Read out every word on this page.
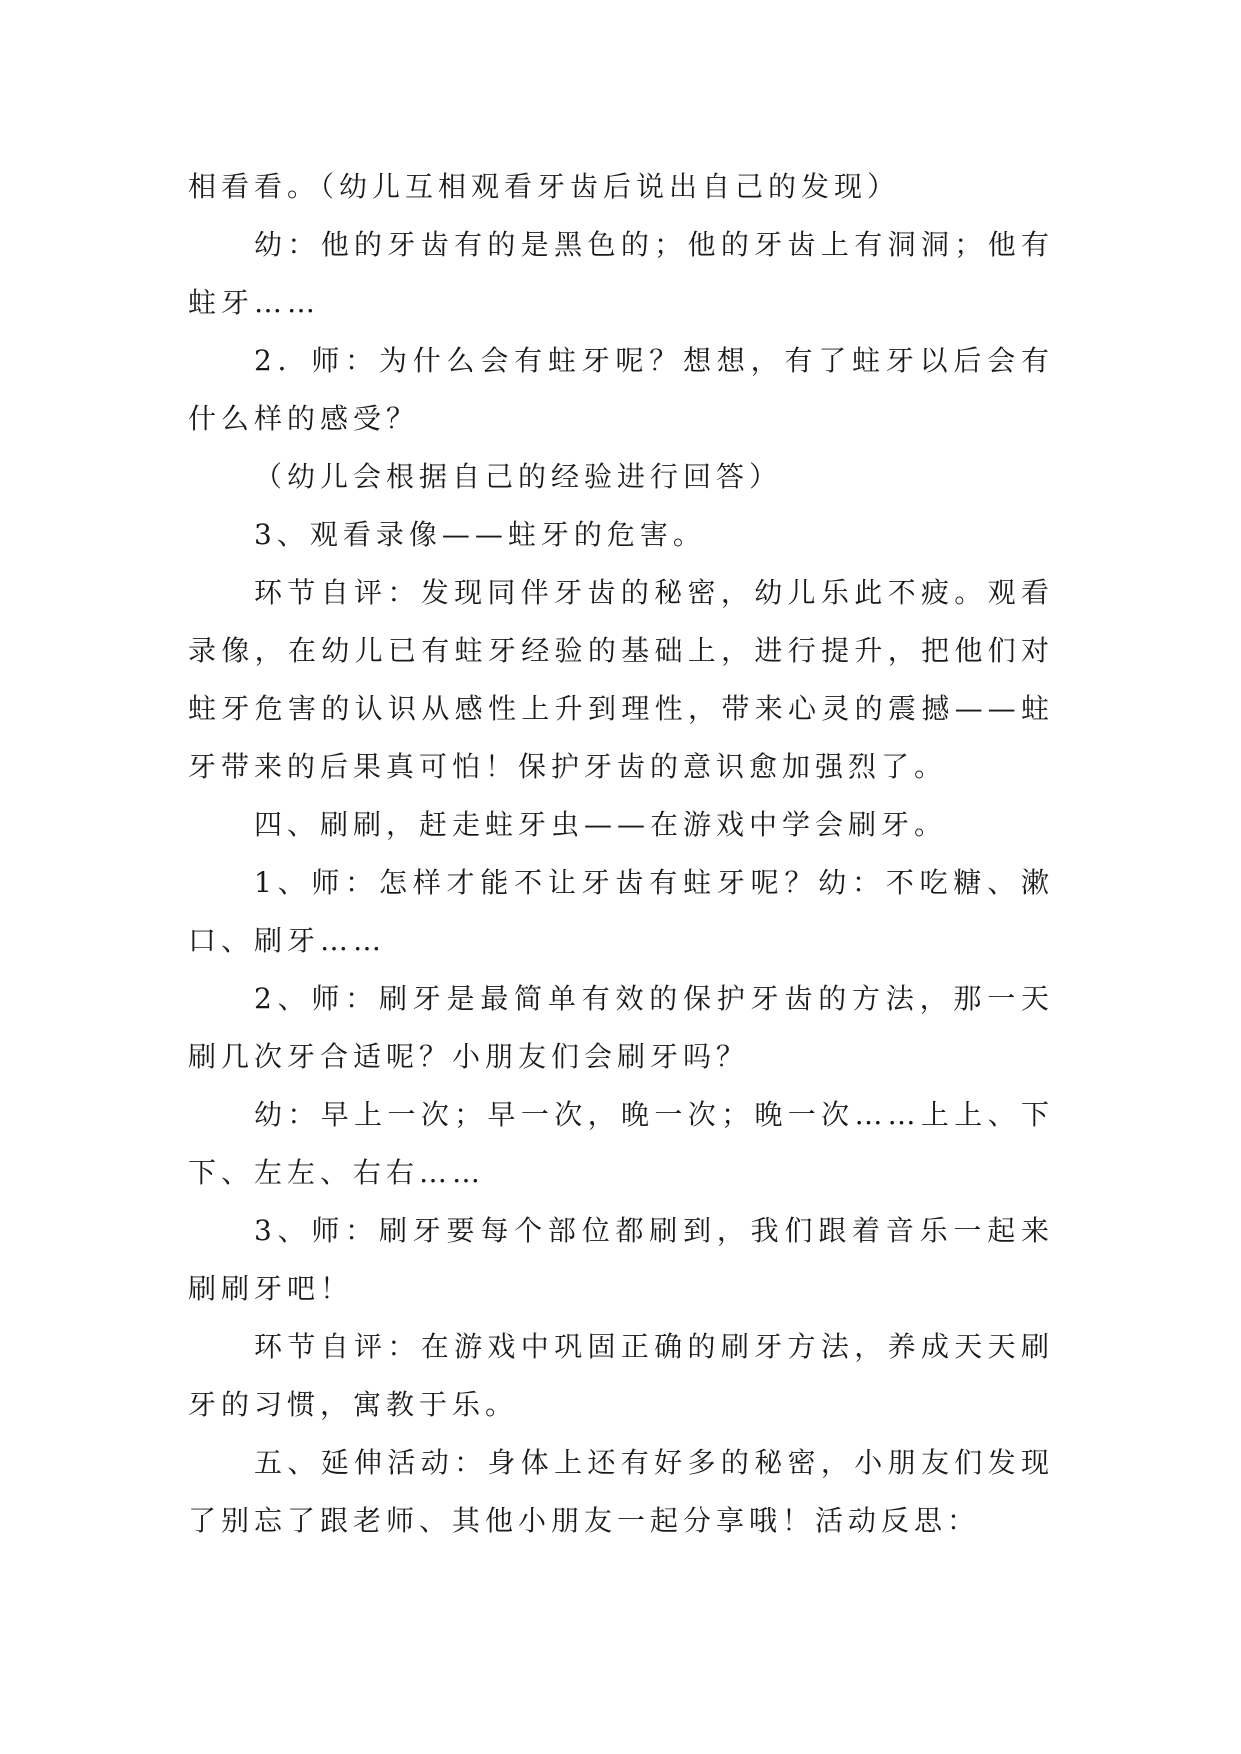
相看看。（幼儿互相观看牙齿后说出自己的发现）

幼：他的牙齿有的是黑色的；他的牙齿上有洞洞；他有蛀牙……

2．师：为什么会有蛀牙呢？想想，有了蛀牙以后会有什么样的感受？

（幼儿会根据自己的经验进行回答）

3、观看录像——蛀牙的危害。

环节自评：发现同伴牙齿的秘密，幼儿乐此不疲。观看录像，在幼儿已有蛀牙经验的基础上，进行提升，把他们对蛀牙危害的认识从感性上升到理性，带来心灵的震撼——蛀牙带来的后果真可怕！保护牙齿的意识愈加强烈了。

四、刷刷，赶走蛀牙虫——在游戏中学会刷牙。

1、师：怎样才能不让牙齿有蛀牙呢？幼：不吃糖、漱口、刷牙……

2、师：刷牙是最简单有效的保护牙齿的方法，那一天刷几次牙合适呢？小朋友们会刷牙吗？

幼：早上一次；早一次，晚一次；晚一次……上上、下下、左左、右右……

3、师：刷牙要每个部位都刷到，我们跟着音乐一起来刷刷牙吧！

环节自评：在游戏中巩固正确的刷牙方法，养成天天刷牙的习惯，寓教于乐。

五、延伸活动：身体上还有好多的秘密，小朋友们发现了别忘了跟老师、其他小朋友一起分享哦！活动反思：
